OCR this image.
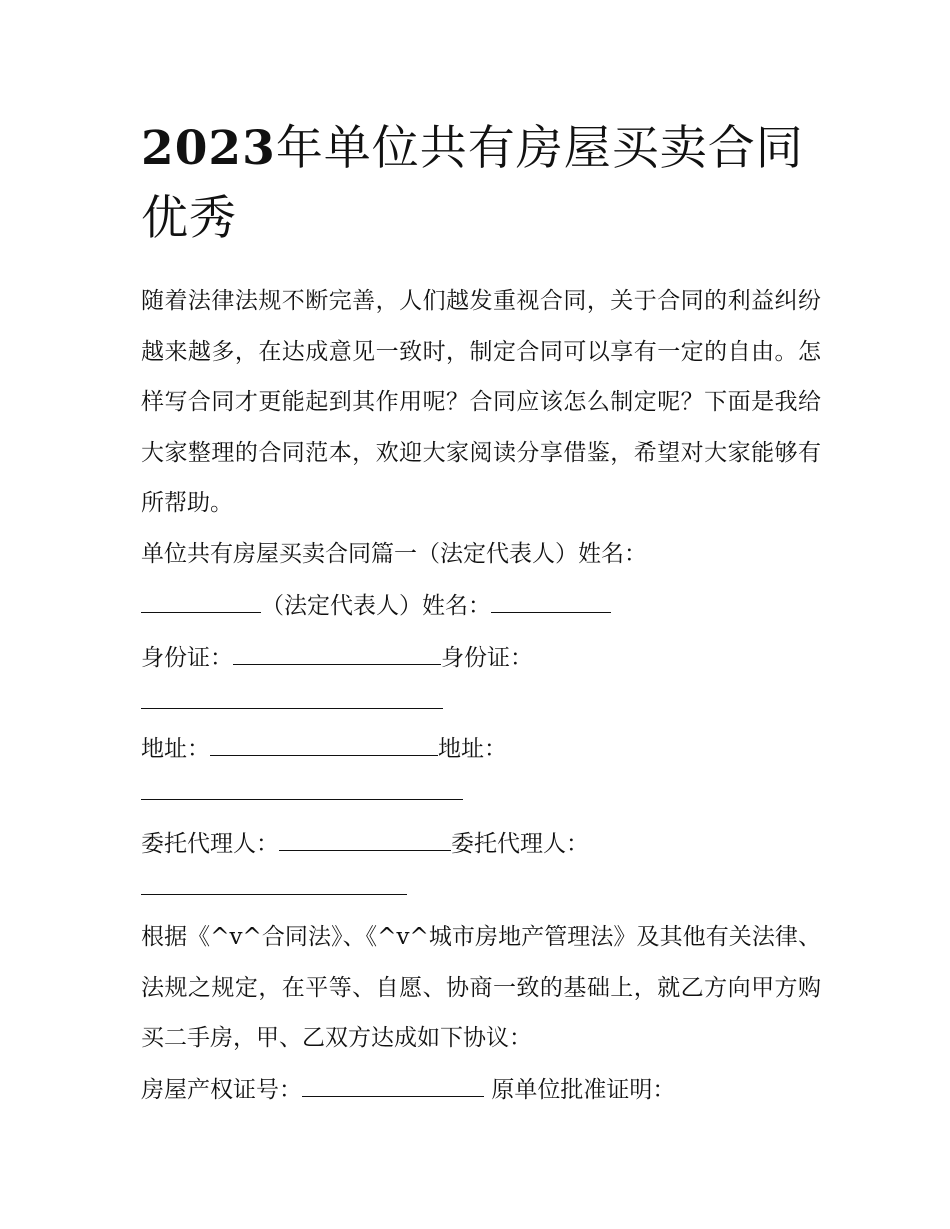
2023年单位共有房屋买卖合同优秀

随着法律法规不断完善，人们越发重视合同，关于合同的利益纠纷越来越多，在达成意见一致时，制定合同可以享有一定的自由。怎样写合同才更能起到其作用呢？合同应该怎么制定呢？下面是我给大家整理的合同范本，欢迎大家阅读分享借鉴，希望对大家能够有所帮助。

单位共有房屋买卖合同篇一（法定代表人）姓名：
（法定代表人）姓名：
身份证：	身份证：
地址：	地址：
委托代理人：	委托代理人：

根据《^v^合同法》、《^v^城市房地产管理法》及其他有关法律、法规之规定，在平等、自愿、协商一致的基础上，就乙方向甲方购买二手房，甲、乙双方达成如下协议：

房屋产权证号：	原单位批准证明：
